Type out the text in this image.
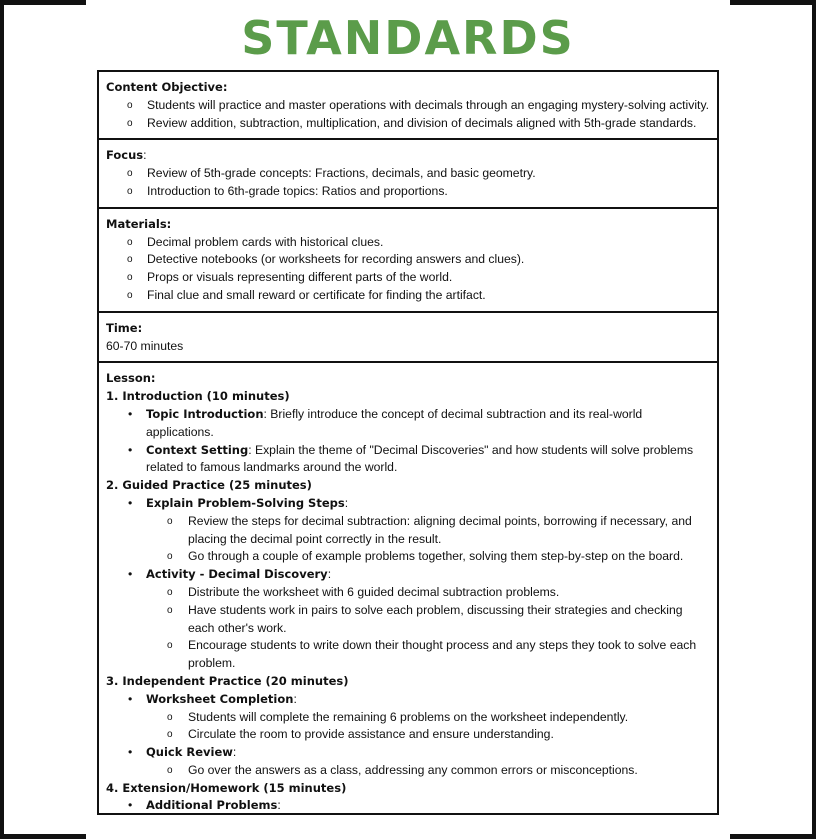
STANDARDS
Content Objective:
o Students will practice and master operations with decimals through an engaging mystery-solving activity.
o Review addition, subtraction, multiplication, and division of decimals aligned with 5th-grade standards.
Focus:
o Review of 5th-grade concepts: Fractions, decimals, and basic geometry.
o Introduction to 6th-grade topics: Ratios and proportions.
Materials:
o Decimal problem cards with historical clues.
o Detective notebooks (or worksheets for recording answers and clues).
o Props or visuals representing different parts of the world.
o Final clue and small reward or certificate for finding the artifact.
Time:
60-70 minutes
Lesson:
1. Introduction (10 minutes)
• Topic Introduction: Briefly introduce the concept of decimal subtraction and its real-world applications.
• Context Setting: Explain the theme of "Decimal Discoveries" and how students will solve problems related to famous landmarks around the world.
2. Guided Practice (25 minutes)
• Explain Problem-Solving Steps:
o Review the steps for decimal subtraction: aligning decimal points, borrowing if necessary, and placing the decimal point correctly in the result.
o Go through a couple of example problems together, solving them step-by-step on the board.
• Activity - Decimal Discovery:
o Distribute the worksheet with 6 guided decimal subtraction problems.
o Have students work in pairs to solve each problem, discussing their strategies and checking each other's work.
o Encourage students to write down their thought process and any steps they took to solve each problem.
3. Independent Practice (20 minutes)
• Worksheet Completion:
o Students will complete the remaining 6 problems on the worksheet independently.
o Circulate the room to provide assistance and ensure understanding.
• Quick Review:
o Go over the answers as a class, addressing any common errors or misconceptions.
4. Extension/Homework (15 minutes)
• Additional Problems:
